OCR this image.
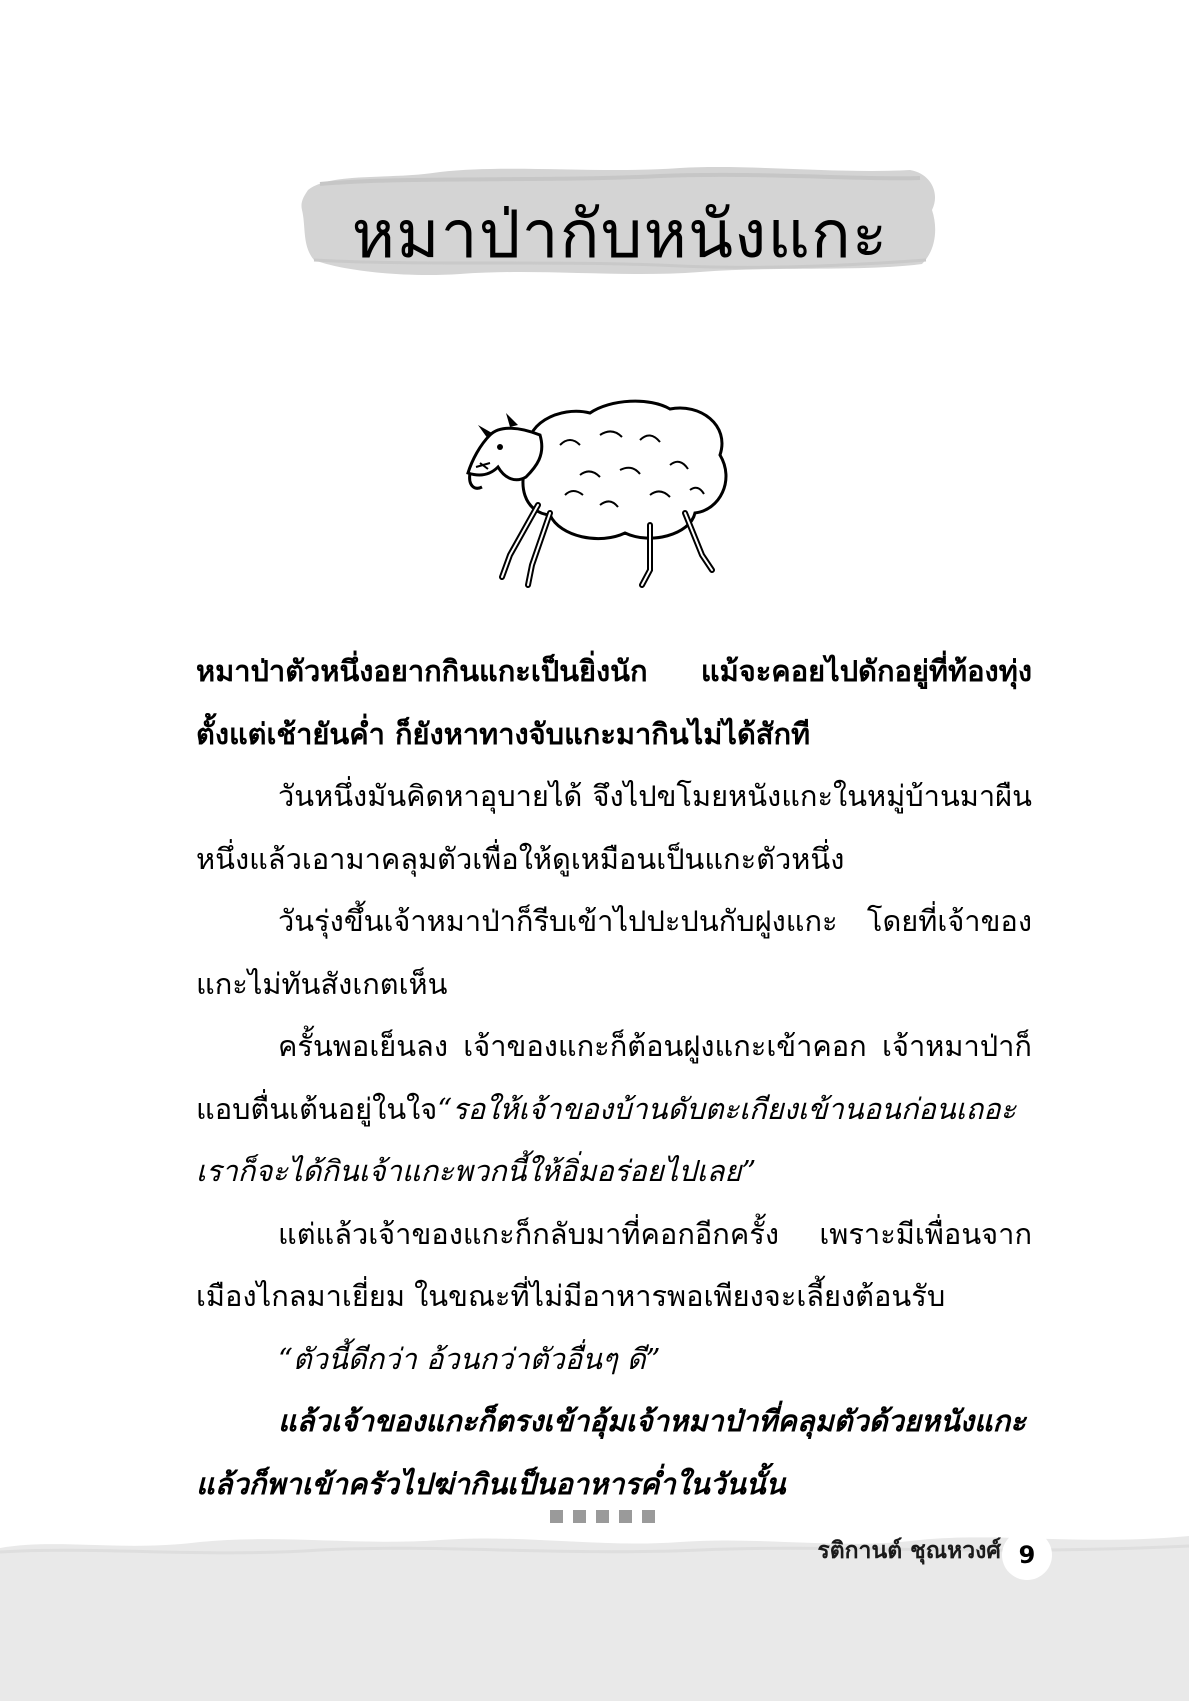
หมาป่ากับหนังแกะ

หมาป่าตัวหนึ่งอยากกินแกะเป็นยิ่งนัก แม้จะคอยไปดักอยู่ที่ท้องทุ่งตั้งแต่เช้ายันค่ำ ก็ยังหาทางจับแกะมากินไม่ได้สักที

วันหนึ่งมันคิดหาอุบายได้ จึงไปขโมยหนังแกะในหมู่บ้านมาผืนหนึ่งแล้วเอามาคลุมตัวเพื่อให้ดูเหมือนเป็นแกะตัวหนึ่ง

วันรุ่งขึ้นเจ้าหมาป่าก็รีบเข้าไปปะปนกับฝูงแกะ โดยที่เจ้าของแกะไม่ทันสังเกตเห็น

ครั้นพอเย็นลง เจ้าของแกะก็ต้อนฝูงแกะเข้าคอก เจ้าหมาป่าก็แอบตื่นเต้นอยู่ในใจ“รอให้เจ้าของบ้านดับตะเกียงเข้านอนก่อนเถอะ เราก็จะได้กินเจ้าแกะพวกนี้ให้อิ่มอร่อยไปเลย”

แต่แล้วเจ้าของแกะก็กลับมาที่คอกอีกครั้ง เพราะมีเพื่อนจากเมืองไกลมาเยี่ยม ในขณะที่ไม่มีอาหารพอเพียงจะเลี้ยงต้อนรับ

“ตัวนี้ดีกว่า อ้วนกว่าตัวอื่นๆ ดี”

แล้วเจ้าของแกะก็ตรงเข้าอุ้มเจ้าหมาป่าที่คลุมตัวด้วยหนังแกะแล้วก็พาเข้าครัวไปฆ่ากินเป็นอาหารค่ำในวันนั้น

รติกานต์ ชุณหวงศ์ 9
